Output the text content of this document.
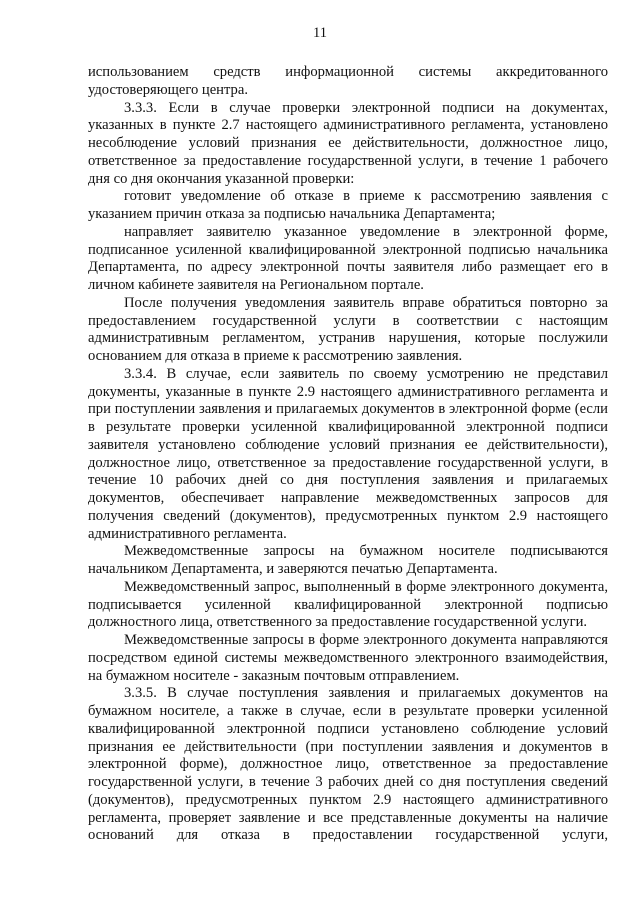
11

использованием средств информационной системы аккредитованного удостоверяющего центра.

3.3.3. Если в случае проверки электронной подписи на документах, указанных в пункте 2.7 настоящего административного регламента, установлено несоблюдение условий признания ее действительности, должностное лицо, ответственное за предоставление государственной услуги, в течение 1 рабочего дня со дня окончания указанной проверки:

готовит уведомление об отказе в приеме к рассмотрению заявления с указанием причин отказа за подписью начальника Департамента;

направляет заявителю указанное уведомление в электронной форме, подписанное усиленной квалифицированной электронной подписью начальника Департамента, по адресу электронной почты заявителя либо размещает его в личном кабинете заявителя на Региональном портале.

После получения уведомления заявитель вправе обратиться повторно за предоставлением государственной услуги в соответствии с настоящим административным регламентом, устранив нарушения, которые послужили основанием для отказа в приеме к рассмотрению заявления.

3.3.4. В случае, если заявитель по своему усмотрению не представил документы, указанные в пункте 2.9 настоящего административного регламента и при поступлении заявления и прилагаемых документов в электронной форме (если в результате проверки усиленной квалифицированной электронной подписи заявителя установлено соблюдение условий признания ее действительности), должностное лицо, ответственное за предоставление государственной услуги, в течение 10 рабочих дней со дня поступления заявления и прилагаемых документов, обеспечивает направление межведомственных запросов для получения сведений (документов), предусмотренных пунктом 2.9 настоящего административного регламента.

Межведомственные запросы на бумажном носителе подписываются начальником Департамента, и заверяются печатью Департамента.

Межведомственный запрос, выполненный в форме электронного документа, подписывается усиленной квалифицированной электронной подписью должностного лица, ответственного за предоставление государственной услуги.

Межведомственные запросы в форме электронного документа направляются посредством единой системы межведомственного электронного взаимодействия, на бумажном носителе - заказным почтовым отправлением.

3.3.5. В случае поступления заявления и прилагаемых документов на бумажном носителе, а также в случае, если в результате проверки усиленной квалифицированной электронной подписи установлено соблюдение условий признания ее действительности (при поступлении заявления и документов в электронной форме), должностное лицо, ответственное за предоставление государственной услуги, в течение 3 рабочих дней со дня поступления сведений (документов), предусмотренных пунктом 2.9 настоящего административного регламента, проверяет заявление и все представленные документы на наличие оснований для отказа в предоставлении государственной услуги,
